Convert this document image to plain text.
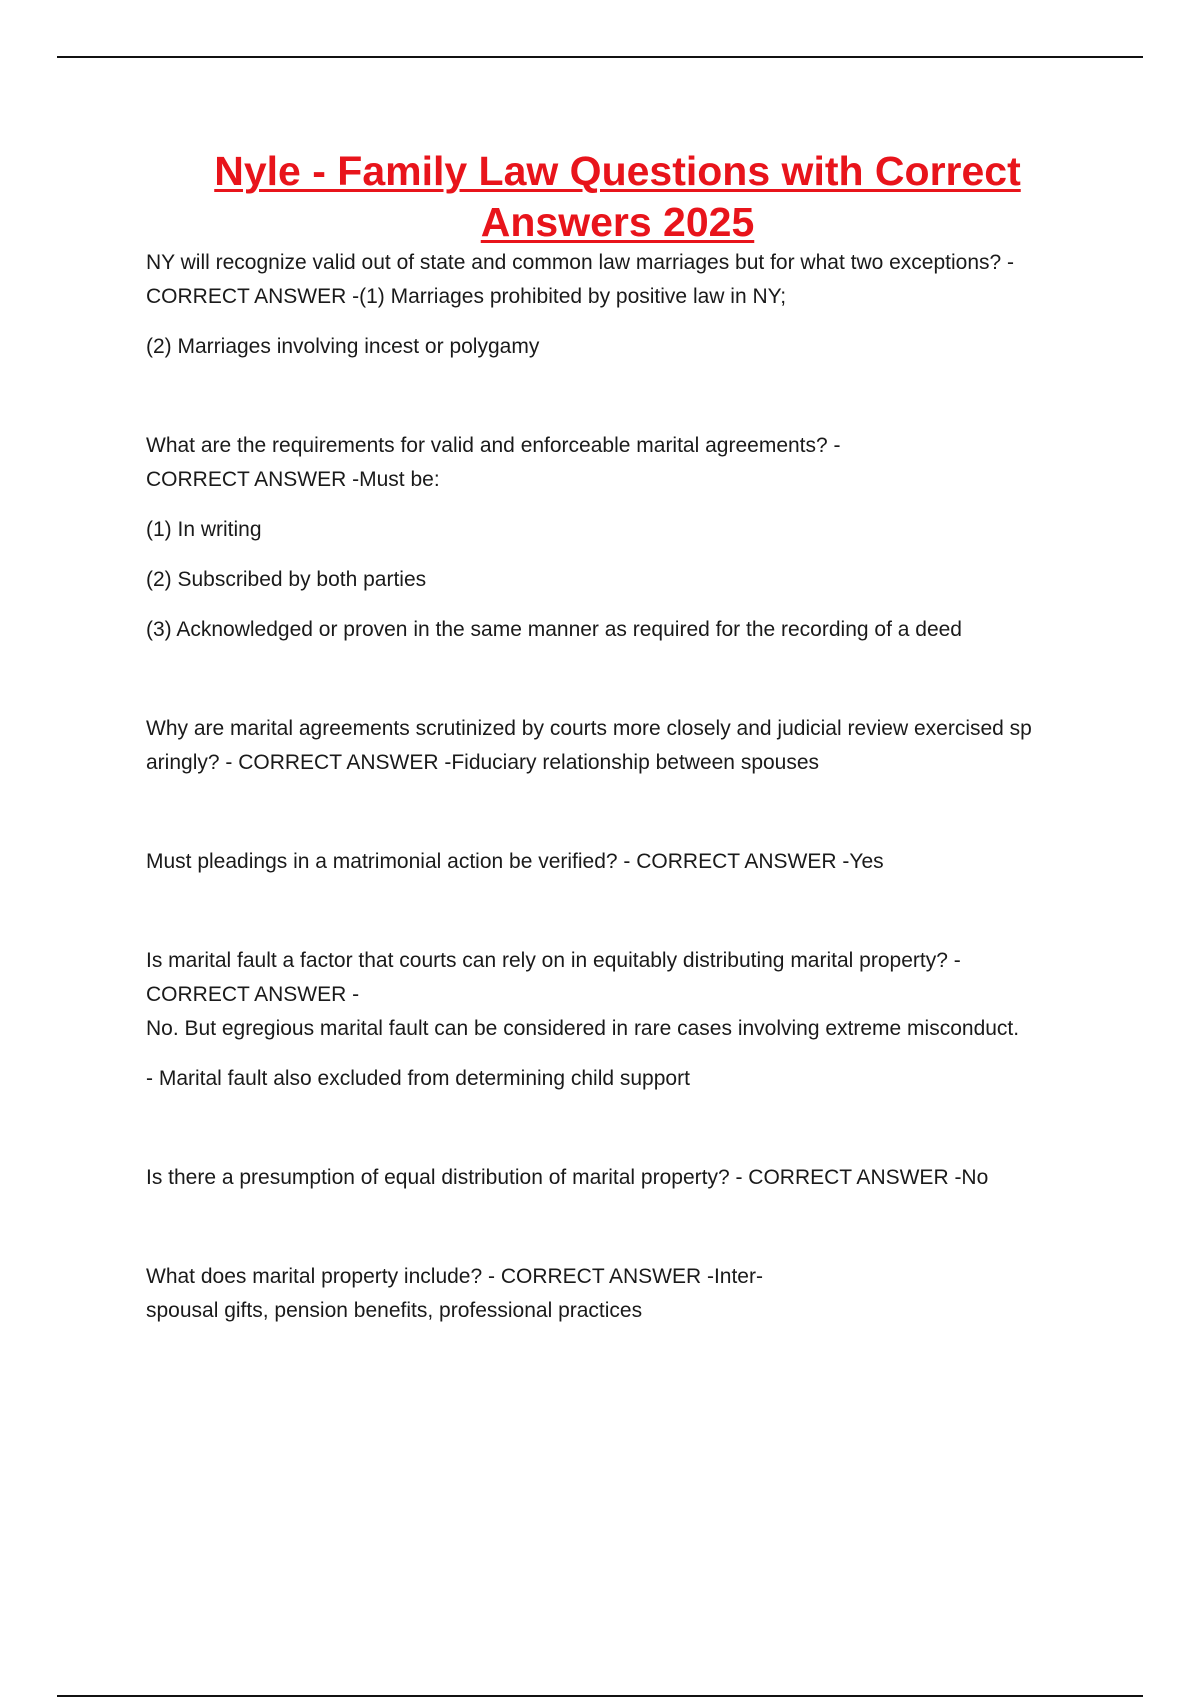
Nyle - Family Law Questions with Correct
Answers 2025

NY will recognize valid out of state and common law marriages but for what two exceptions? -
CORRECT ANSWER -(1) Marriages prohibited by positive law in NY;

(2) Marriages involving incest or polygamy

What are the requirements for valid and enforceable marital agreements? -
CORRECT ANSWER -Must be:

(1) In writing

(2) Subscribed by both parties

(3) Acknowledged or proven in the same manner as required for the recording of a deed

Why are marital agreements scrutinized by courts more closely and judicial review exercised sp
aringly? - CORRECT ANSWER -Fiduciary relationship between spouses

Must pleadings in a matrimonial action be verified? - CORRECT ANSWER -Yes

Is marital fault a factor that courts can rely on in equitably distributing marital property? -
CORRECT ANSWER -
No. But egregious marital fault can be considered in rare cases involving extreme misconduct.

- Marital fault also excluded from determining child support

Is there a presumption of equal distribution of marital property? - CORRECT ANSWER -No

What does marital property include? - CORRECT ANSWER -Inter-
spousal gifts, pension benefits, professional practices
